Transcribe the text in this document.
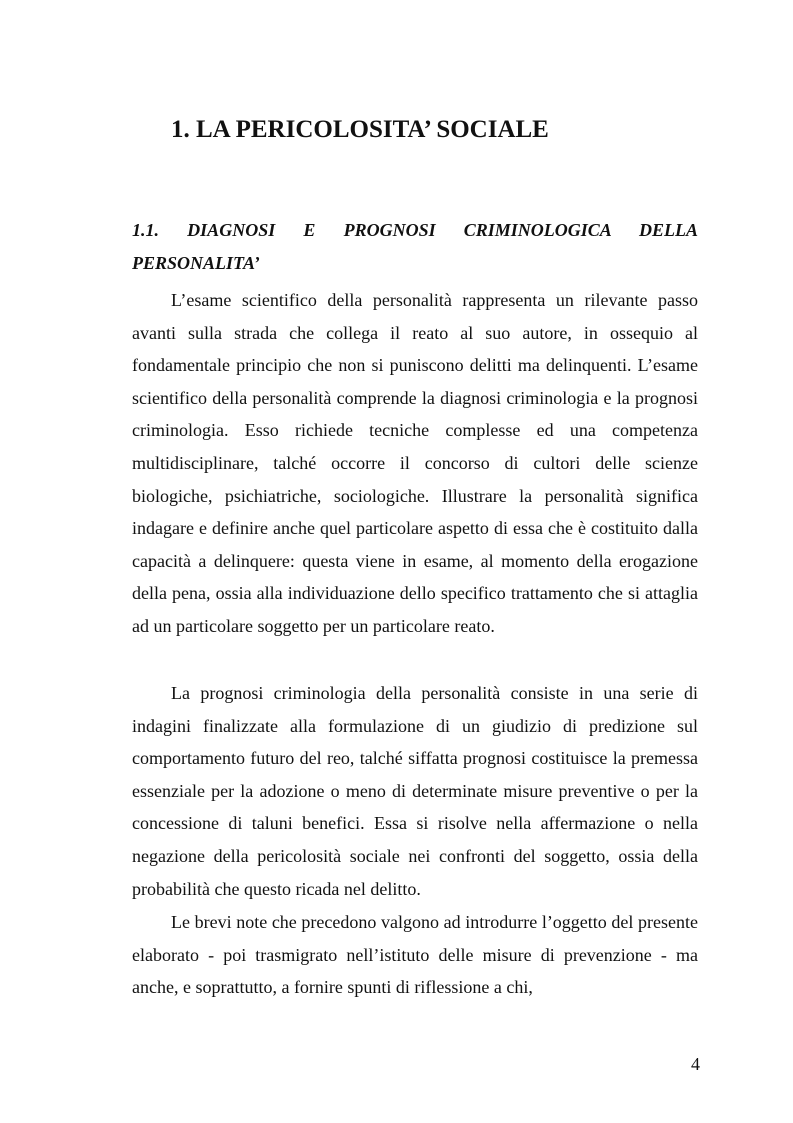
1. LA PERICOLOSITA’ SOCIALE
1.1. DIAGNOSI E PROGNOSI CRIMINOLOGICA DELLA
PERSONALITA’

L’esame scientifico della personalità rappresenta un rilevante passo avanti sulla strada che collega il reato al suo autore, in ossequio al fondamentale principio che non si puniscono delitti ma delinquenti. L’esame scientifico della personalità comprende la diagnosi criminologia e la prognosi criminologia. Esso richiede tecniche complesse ed una competenza multidisciplinare, talché occorre il concorso di cultori delle scienze biologiche, psichiatriche, sociologiche. Illustrare la personalità significa indagare e definire anche quel particolare aspetto di essa che è costituito dalla capacità a delinquere: questa viene in esame, al momento della erogazione della pena, ossia alla individuazione dello specifico trattamento che si attaglia ad un particolare soggetto per un particolare reato.

La prognosi criminologia della personalità consiste in una serie di indagini finalizzate alla formulazione di un giudizio di predizione sul comportamento futuro del reo, talché siffatta prognosi costituisce la premessa essenziale per la adozione o meno di determinate misure preventive o per la concessione di taluni benefici. Essa si risolve nella affermazione o nella negazione della pericolosità sociale nei confronti del soggetto, ossia della probabilità che questo ricada nel delitto.

Le brevi note che precedono valgono ad introdurre l’oggetto del presente elaborato - poi trasmigrato nell’istituto delle misure di prevenzione - ma anche, e soprattutto, a fornire spunti di riflessione a chi,

4
